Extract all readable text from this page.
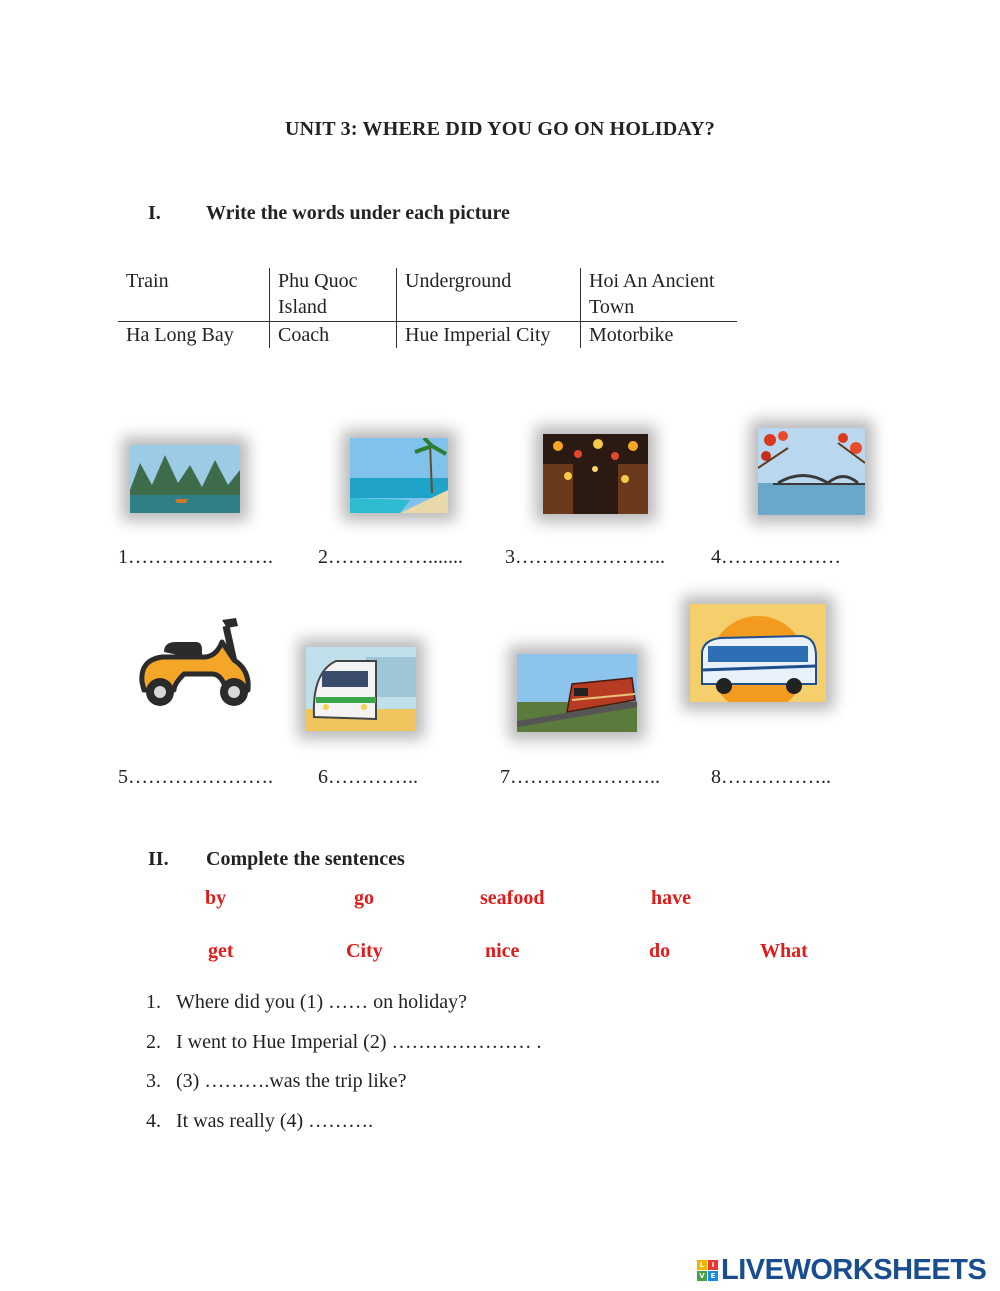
UNIT 3: WHERE DID YOU GO ON HOLIDAY?
I. Write the words under each picture
Train	Phu Quoc Island	Underground	Hoi An Ancient Town
Ha Long Bay	Coach	Hue Imperial City	Motorbike
1…………………. 2……………....... 3………………….. 4………………
5…………………. 6…………..	7…………………..	8……………..
II. Complete the sentences
by	go	seafood	have
get	City	nice	do	What
1. Where did you (1) …… on holiday?
2. I went to Hue Imperial (2) ………………… .
3. (3) ……….was the trip like?
4. It was really (4) ……….
L	I
V E LIVEWORKSHEETS
